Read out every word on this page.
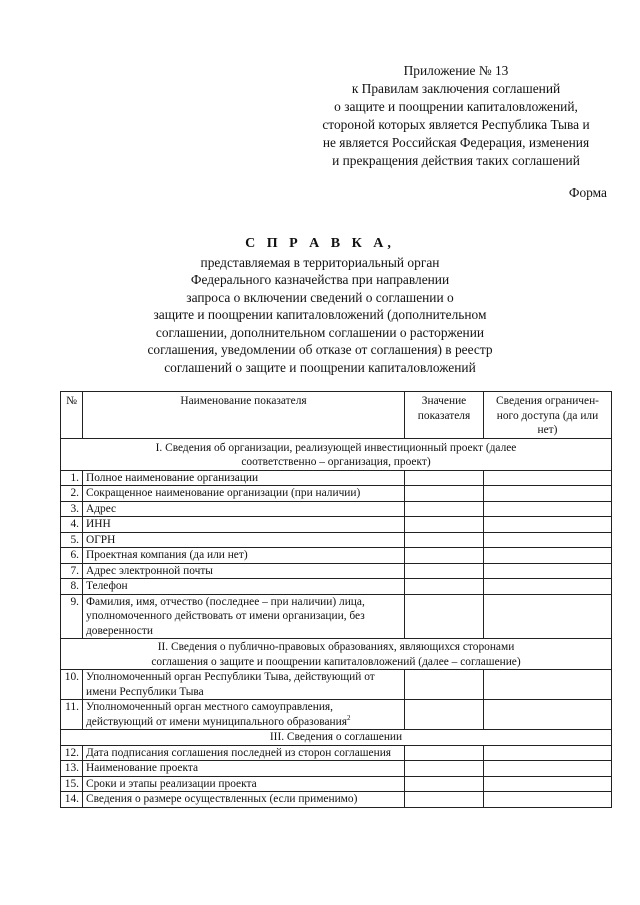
Приложение № 13
к Правилам заключения соглашений
о защите и поощрении капиталовложений,
стороной которых является Республика Тыва и
не является Российская Федерация, изменения
и прекращения действия таких соглашений
Форма
С П Р А В К А,
представляемая в территориальный орган
Федерального казначейства при направлении
запроса о включении сведений о соглашении о
защите и поощрении капиталовложений (дополнительном
соглашении, дополнительном соглашении о расторжении
соглашения, уведомлении об отказе от соглашения) в реестр
соглашений о защите и поощрении капиталовложений
№	Наименование показателя	Значение показателя	Сведения ограничен-ного доступа (да или нет)
I. Сведения об организации, реализующей инвестиционный проект (далее соответственно – организация, проект)			
1.	Полное наименование организации		
2.	Сокращенное наименование организации (при наличии)		
3.	Адрес		
4.	ИНН		
5.	ОГРН		
6.	Проектная компания (да или нет)		
7.	Адрес электронной почты		
8.	Телефон		
9.	Фамилия, имя, отчество (последнее – при наличии) лица, уполномоченного действовать от имени организации, без доверенности		
II. Сведения о публично-правовых образованиях, являющихся сторонами соглашения о защите и поощрении капиталовложений (далее – соглашение)			
10.	Уполномоченный орган Республики Тыва, действующий от имени Республики Тыва		
11.	Уполномоченный орган местного самоуправления, действующий от имени муниципального образования$^2$		
III. Сведения о соглашении			
12.	Дата подписания соглашения последней из сторон соглашения		
13.	Наименование проекта		
15.	Сроки и этапы реализации проекта		
14.	Сведения о размере осуществленных (если применимо)		
